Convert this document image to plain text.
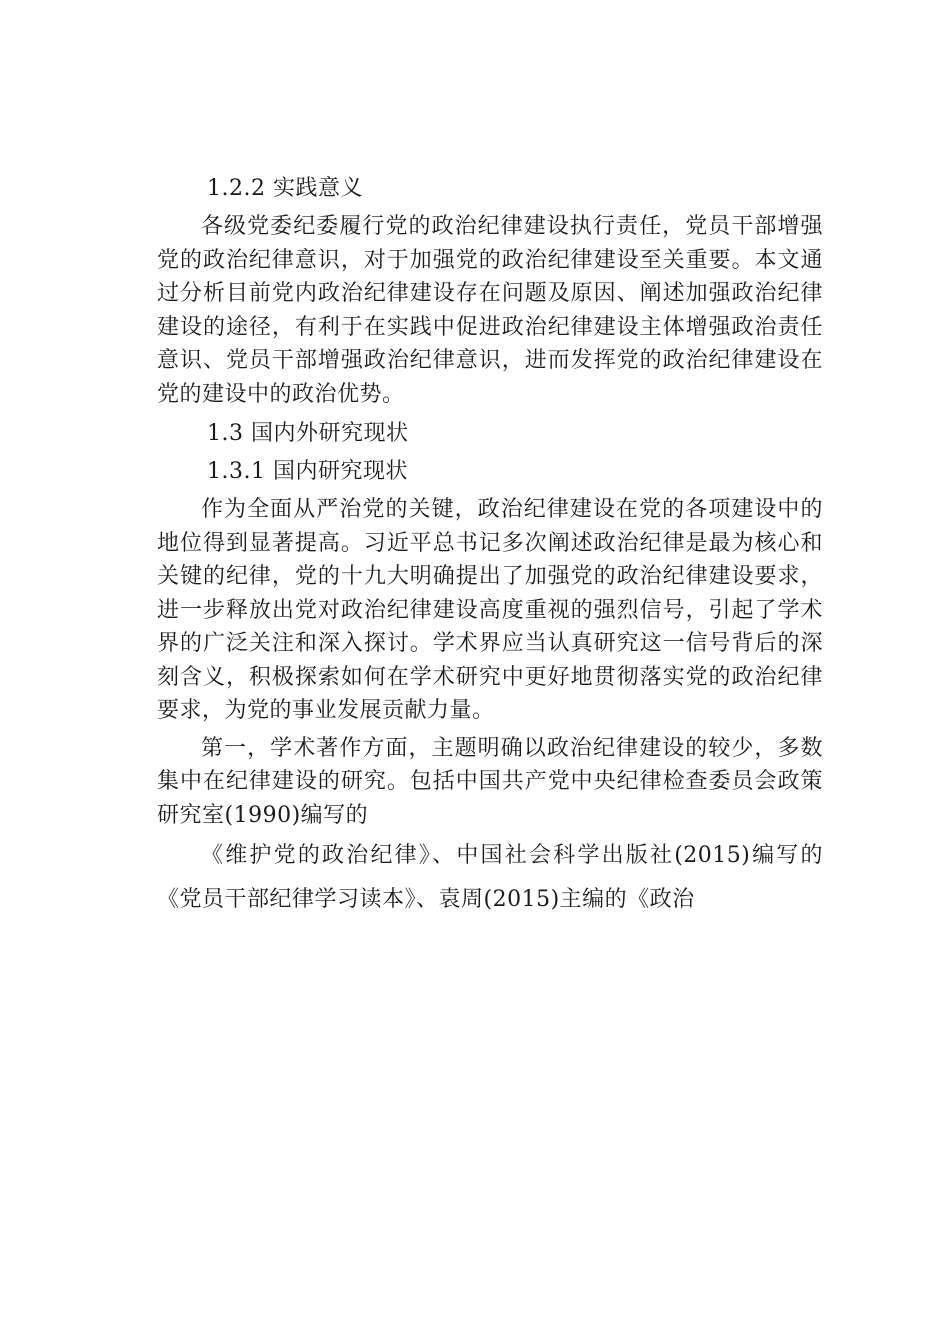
1.2.2 实践意义

各级党委纪委履行党的政治纪律建设执行责任，党员干部增强党的政治纪律意识，对于加强党的政治纪律建设至关重要。本文通过分析目前党内政治纪律建设存在问题及原因、阐述加强政治纪律建设的途径，有利于在实践中促进政治纪律建设主体增强政治责任意识、党员干部增强政治纪律意识，进而发挥党的政治纪律建设在党的建设中的政治优势。

1.3 国内外研究现状

1.3.1 国内研究现状

作为全面从严治党的关键，政治纪律建设在党的各项建设中的地位得到显著提高。习近平总书记多次阐述政治纪律是最为核心和关键的纪律，党的十九大明确提出了加强党的政治纪律建设要求，进一步释放出党对政治纪律建设高度重视的强烈信号，引起了学术界的广泛关注和深入探讨。学术界应当认真研究这一信号背后的深刻含义，积极探索如何在学术研究中更好地贯彻落实党的政治纪律要求，为党的事业发展贡献力量。

第一，学术著作方面，主题明确以政治纪律建设的较少，多数集中在纪律建设的研究。包括中国共产党中央纪律检查委员会政策研究室(1990)编写的

《维护党的政治纪律》、中国社会科学出版社(2015)编写的《党员干部纪律学习读本》、袁周(2015)主编的《政治
